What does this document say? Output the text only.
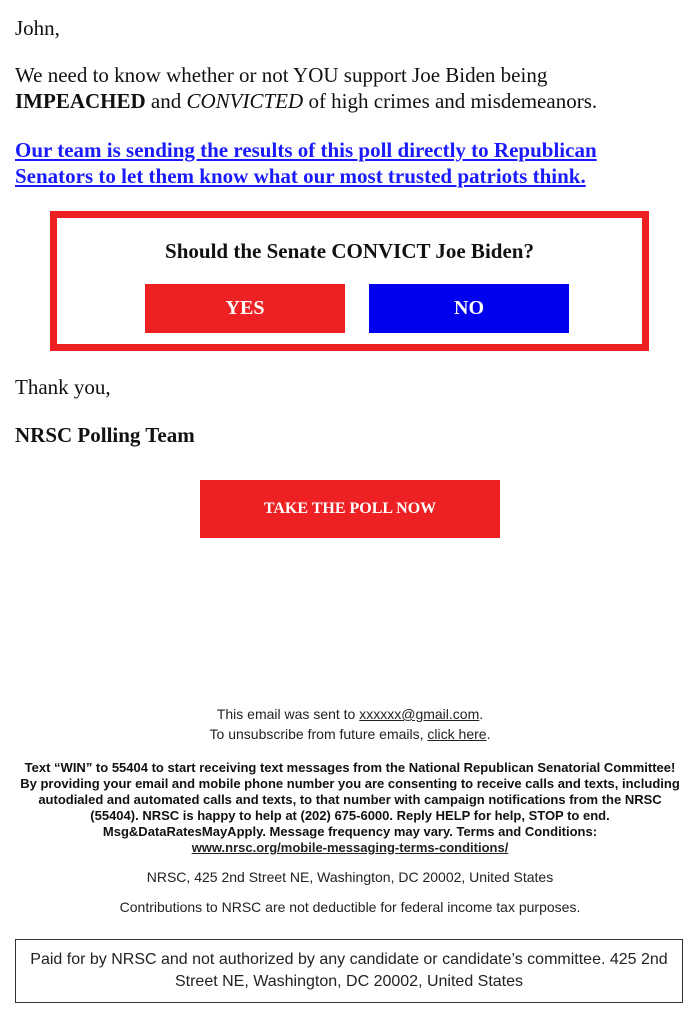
John,
We need to know whether or not YOU support Joe Biden being IMPEACHED and CONVICTED of high crimes and misdemeanors.
Our team is sending the results of this poll directly to Republican Senators to let them know what our most trusted patriots think.
Should the Senate CONVICT Joe Biden?
YES	NO
Thank you,
NRSC Polling Team
TAKE THE POLL NOW
This email was sent to xxxxxx@gmail.com.
To unsubscribe from future emails, click here.
Text “WIN” to 55404 to start receiving text messages from the National Republican Senatorial Committee! By providing your email and mobile phone number you are consenting to receive calls and texts, including autodialed and automated calls and texts, to that number with campaign notifications from the NRSC (55404). NRSC is happy to help at (202) 675-6000. Reply HELP for help, STOP to end. Msg&DataRatesMayApply. Message frequency may vary. Terms and Conditions:
www.nrsc.org/mobile-messaging-terms-conditions/
NRSC, 425 2nd Street NE, Washington, DC 20002, United States
Contributions to NRSC are not deductible for federal income tax purposes.
Paid for by NRSC and not authorized by any candidate or candidate’s committee. 425 2nd Street NE, Washington, DC 20002, United States
